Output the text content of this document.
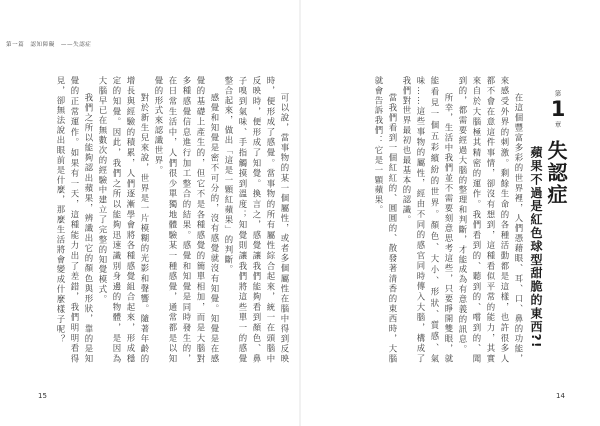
第一篇　認知障礙　——失認症

可以說，當事物的某一個屬性，或者多個屬性在腦中得到反映時，便形成了感覺。當事物的所有屬性綜合起來，統一在頭腦中反映時，便形成了知覺。換言之，感覺讓我們能夠看到顏色、鼻子嗅到氣味、手指觸摸到溫度；知覺則讓我們將這些單一的感覺整合起來，做出「這是一顆紅蘋果」的判斷。

感覺和知覺是密不可分的，沒有感覺就沒有知覺。知覺是在感覺的基礎上產生的，但它不是各種感覺的簡單相加，而是大腦對多種感覺信息進行加工整合的結果。感覺和知覺是同時發生的，在日常生活中，人們很少單獨地體驗某一種感覺，通常都是以知覺的形式來認識世界。

對於新生兒來說，世界是一片模糊的光影和聲響。隨著年齡的增長與經驗的積累，人們逐漸學會將各種感覺組合起來，形成穩定的知覺。因此，我們之所以能夠迅速識別身邊的物體，是因為大腦早已在無數次的經驗中建立了完整的知覺模式。

我們之所以能夠認出蘋果，辨識出它的顏色與形狀，靠的是知覺的正常運作。如果有一天，這種能力出了差錯，我們明明看得見，卻無法說出眼前是什麼，那麼生活將會變成什麼樣子呢？

15

在這個豐富多彩的世界裡，人們憑藉眼、耳、口、鼻的功能，來感受外界的刺激。剩餘生命的各種活動都是這樣，也許很多人都不會在意這件事情，卻沒有想到，這種看似平常的能力，其實來自於大腦極其精密的運作。我們看到的、聽到的、嚐到的、聞到的，都需要經過大腦的整理和判斷，才能成為有意義的訊息。

所幸，生活中我們並不需要刻意思考這些，只要睜開雙眼，就能看見一個五彩繽紛的世界。顏色、大小、形狀、質感、氣味……這些事物的屬性，經由不同的感官同時傳入大腦，構成了我們對世界最初也最基本的認識。

當我們看到一個紅紅的、圓圓的、散發著清香的東西時，大腦就會告訴我們：它是一顆蘋果。	第
1
章
失認症
蘋果不過是紅色球型甜脆的東西?!
14
